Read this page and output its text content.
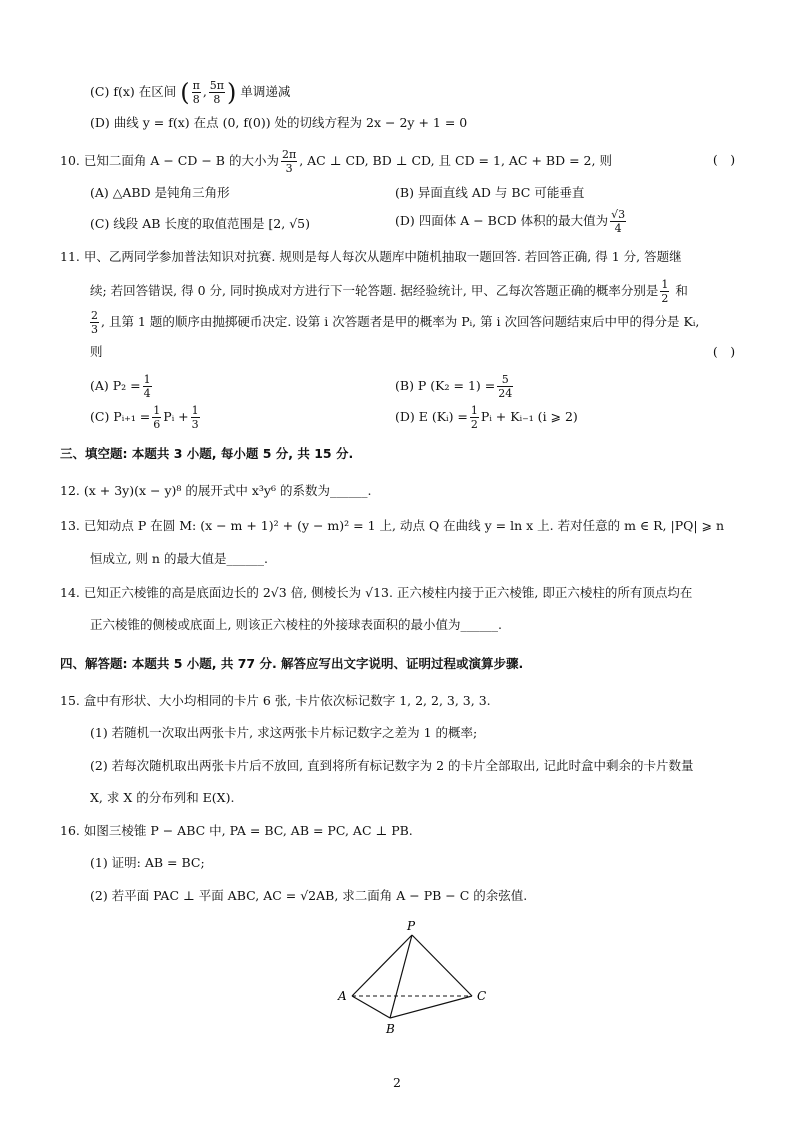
(C) f(x) 在区间 ( $\frac{\pi}{8}$ , $\frac{5\pi}{8}$ ) 单调递减
(D) 曲线 y = f(x) 在点 (0, f(0)) 处的切线方程为 2x − 2y + 1 = 0
10. 已知二面角 A − CD − B 的大小为 $\frac{2\pi}{3}$ , AC ⊥ CD, BD ⊥ CD, 且 CD = 1, AC + BD = 2, 则	(　)
(A) △ABD 是钝角三角形	(B) 异面直线 AD 与 BC 可能垂直
(C) 线段 AB 长度的取值范围是 [2, √5)	(D) 四面体 A − BCD 体积的最大值为 $\frac{√3}{4}$
11. 甲、乙两同学参加普法知识对抗赛. 规则是每人每次从题库中随机抽取一题回答. 若回答正确, 得 1 分, 答题继
续; 若回答错误, 得 0 分, 同时换成对方进行下一轮答题. 据经验统计, 甲、乙每次答题正确的概率分别是 $\frac{1}{2}$ 和
$\frac{2}{3}$ , 且第 1 题的顺序由抛掷硬币决定. 设第 i 次答题者是甲的概率为 Pᵢ, 第 i 次回答问题结束后中甲的得分是 Kᵢ,
则	(　)
(A) $P_2 = \frac{1}{4}$	(B) P $(K_2 = 1) = \frac{5}{24}$
(C) Pᵢ₊₁ = $\frac{1}{6}$ Pᵢ + $\frac{1}{3}$	(D) E (Kᵢ) = $\frac{1}{2}$ Pᵢ + Kᵢ₋₁ (i ⩾ 2)
三、填空题: 本题共 3 小题, 每小题 5 分, 共 15 分.
12. (x + 3y)(x − y)⁸ 的展开式中 x³y⁶ 的系数为______.
13. 已知动点 P 在圆 M: (x − m + 1)² + (y − m)² = 1 上, 动点 Q 在曲线 y = ln x 上. 若对任意的 m ∈ R, |PQ| ⩾ n
恒成立, 则 n 的最大值是______.
14. 已知正六棱锥的高是底面边长的 2√3 倍, 侧棱长为 √13. 正六棱柱内接于正六棱锥, 即正六棱柱的所有顶点均在
正六棱锥的侧棱或底面上, 则该正六棱柱的外接球表面积的最小值为______.
四、解答题: 本题共 5 小题, 共 77 分. 解答应写出文字说明、证明过程或演算步骤.
15. 盒中有形状、大小均相同的卡片 6 张, 卡片依次标记数字 1, 2, 2, 3, 3, 3.
(1) 若随机一次取出两张卡片, 求这两张卡片标记数字之差为 1 的概率;
(2) 若每次随机取出两张卡片后不放回, 直到将所有标记数字为 2 的卡片全部取出, 记此时盒中剩余的卡片数量
X, 求 X 的分布列和 E(X).
16. 如图三棱锥 P − ABC 中, PA = BC, AB = PC, AC ⊥ PB.
(1) 证明: AB = BC;
(2) 若平面 PAC ⊥ 平面 ABC, AC = √2AB, 求二面角 A − PB − C 的余弦值.
P
A
B
C
2
